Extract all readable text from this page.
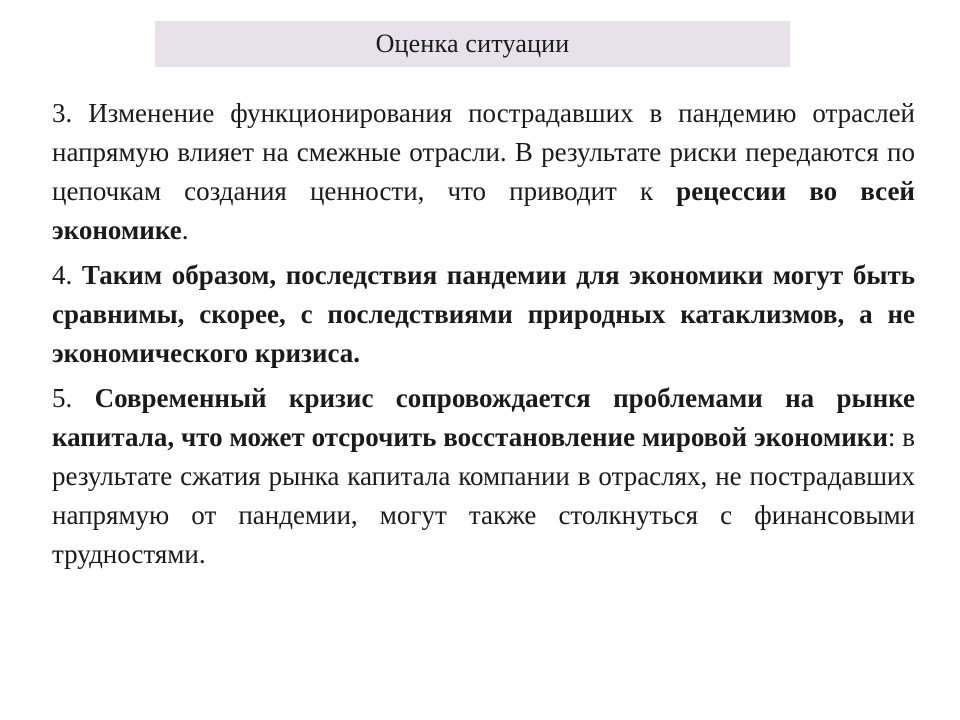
Оценка ситуации

3. Изменение функционирования пострадавших в пандемию отраслей напрямую влияет на смежные отрасли. В результате риски передаются по цепочкам создания ценности, что приводит к рецессии во всей экономике.

4. Таким образом, последствия пандемии для экономики могут быть сравнимы, скорее, с последствиями природных катаклизмов, а не экономического кризиса.

5. Современный кризис сопровождается проблемами на рынке капитала, что может отсрочить восстановление мировой экономики: в результате сжатия рынка капитала компании в отраслях, не пострадавших напрямую от пандемии, могут также столкнуться с финансовыми трудностями.
